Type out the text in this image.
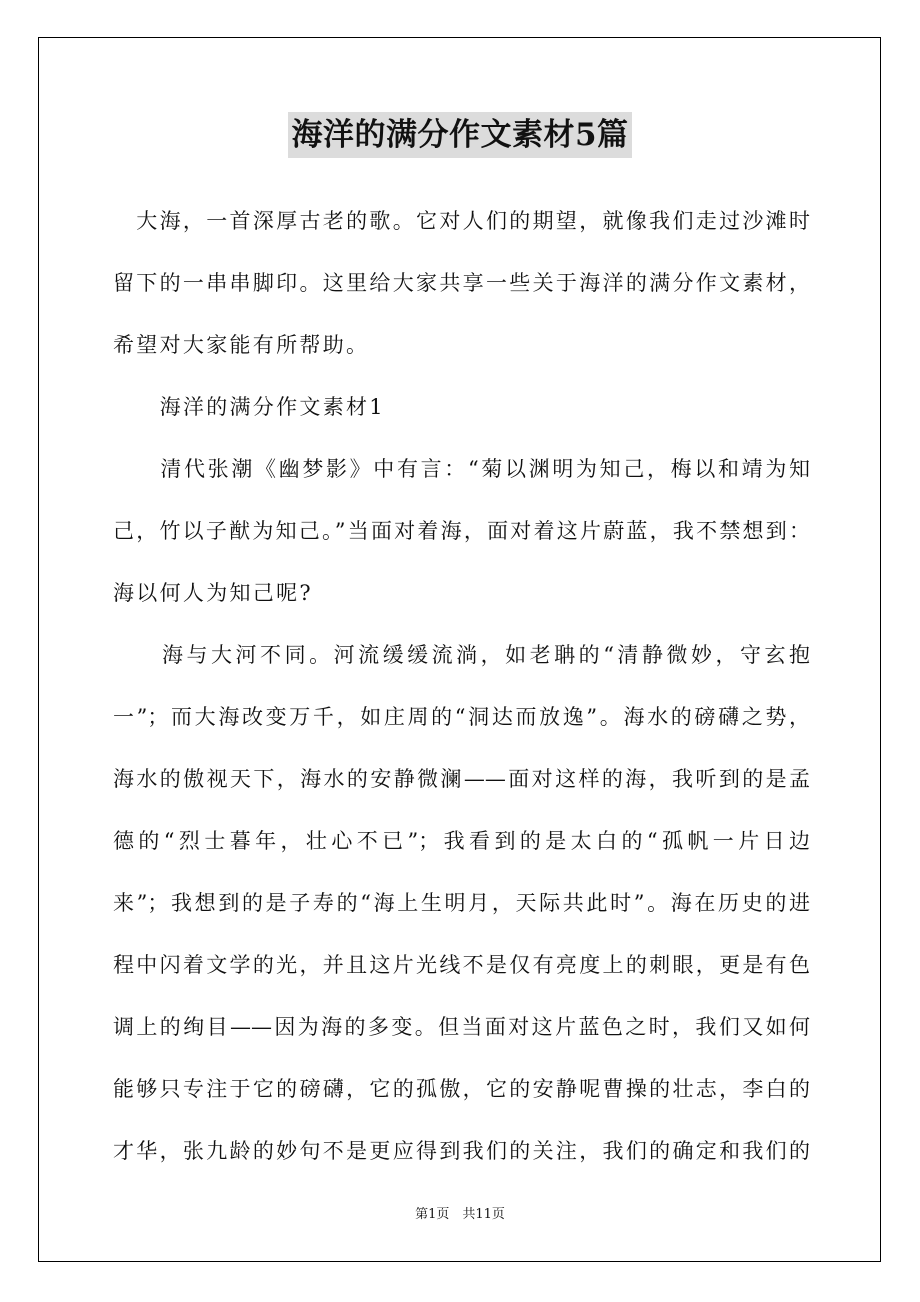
海洋的满分作文素材5篇
　大海，一首深厚古老的歌。它对人们的期望，就像我们走过沙滩时
留下的一串串脚印。这里给大家共享一些关于海洋的满分作文素材，
希望对大家能有所帮助。
　　海洋的满分作文素材1
　　清代张潮《幽梦影》中有言：“菊以渊明为知己，梅以和靖为知
己，竹以子猷为知己。”当面对着海，面对着这片蔚蓝，我不禁想到：
海以何人为知己呢?
　　海与大河不同。河流缓缓流淌，如老聃的“清静微妙，守玄抱
一”；而大海改变万千，如庄周的“洞达而放逸”。海水的磅礴之势，
海水的傲视天下，海水的安静微澜——面对这样的海，我听到的是孟
德的“烈士暮年，壮心不已”；我看到的是太白的“孤帆一片日边
来”；我想到的是子寿的“海上生明月，天际共此时”。海在历史的进
程中闪着文学的光，并且这片光线不是仅有亮度上的刺眼，更是有色
调上的绚目——因为海的多变。但当面对这片蓝色之时，我们又如何
能够只专注于它的磅礴，它的孤傲，它的安静呢曹操的壮志，李白的
才华，张九龄的妙句不是更应得到我们的关注，我们的确定和我们的
第1页　共11页
